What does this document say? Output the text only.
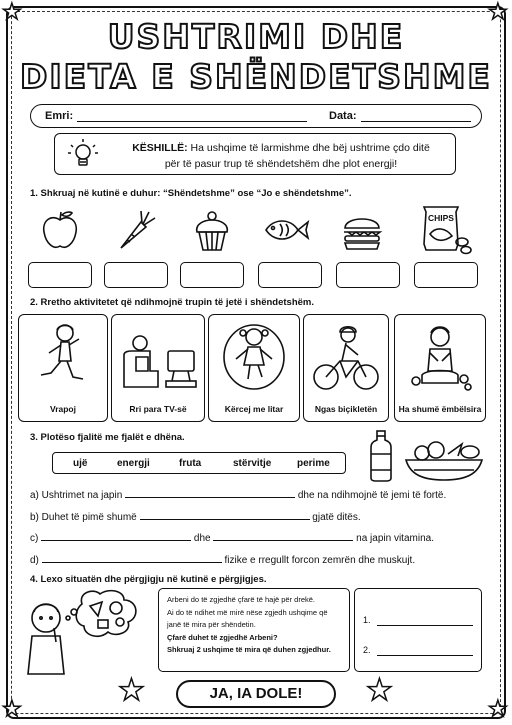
★	★
★	★
USHTRIMI DHE
DIETA E SHËNDETSHME
Emri:	Data:
KËSHILLË: Ha ushqime të larmishme dhe bëj ushtrime çdo ditë
për të pasur trup të shëndetshëm dhe plot energji!
1. Shkruaj në kutinë e duhur: “Shëndetshme” ose “Jo e shëndetshme”.
CHIPS
2. Rretho aktivitetet që ndihmojnë trupin të jetë i shëndetshëm.
Vrapoj	Rri para TV-së	Kërcej me litar	Ngas biçikletën	Ha shumë ëmbëlsira
3. Plotëso fjalitë me fjalët e dhëna.
ujë	energji	fruta	stërvitje	perime
a) Ushtrimet na japin	dhe na ndihmojnë të jemi të fortë.
b) Duhet të pimë shumë	gjatë ditës.
c)	dhe	na japin vitamina.
d)	fizike e rregullt forcon zemrën dhe muskujt.
4. Lexo situatën dhe përgjigju në kutinë e përgjigjes.
Arbeni do të zgjedhë çfarë të hajë për drekë.
Ai do të ndihet më mirë nëse zgjedh ushqime që
janë të mira për shëndetin.
Çfarë duhet të zgjedhë Arbeni?
Shkruaj 2 ushqime të mira që duhen zgjedhur.
1.
2.
★	★
JA, IA DOLE!
